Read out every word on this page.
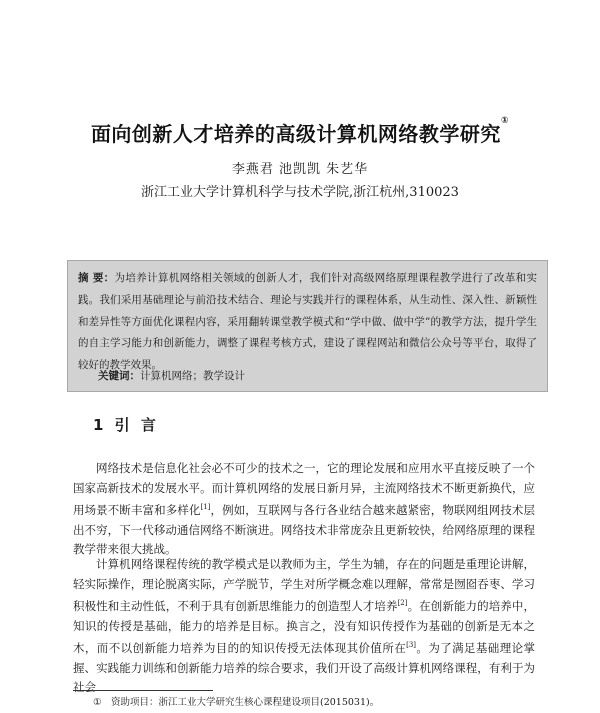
面向创新人才培养的高级计算机网络教学研究①
李燕君 池凯凯 朱艺华
浙江工业大学计算机科学与技术学院,浙江杭州,310023
摘 要：为培养计算机网络相关领域的创新人才，我们针对高级网络原理课程教学进行了改革和实践。我们采用基础理论与前沿技术结合、理论与实践并行的课程体系，从生动性、深入性、新颖性和差异性等方面优化课程内容，采用翻转课堂教学模式和“学中做、做中学”的教学方法，提升学生的自主学习能力和创新能力，调整了课程考核方式，建设了课程网站和微信公众号等平台，取得了较好的教学效果。
关键词：计算机网络；教学设计
1 引 言
网络技术是信息化社会必不可少的技术之一，它的理论发展和应用水平直接反映了一个国家高新技术的发展水平。而计算机网络的发展日新月异，主流网络技术不断更新换代，应用场景不断丰富和多样化[1]，例如，互联网与各行各业结合越来越紧密，物联网组网技术层出不穷，下一代移动通信网络不断演进。网络技术非常庞杂且更新较快，给网络原理的课程教学带来很大挑战。
计算机网络课程传统的教学模式是以教师为主，学生为辅，存在的问题是重理论讲解，轻实际操作，理论脱离实际，产学脱节，学生对所学概念难以理解，常常是囫囵吞枣、学习积极性和主动性低，不利于具有创新思维能力的创造型人才培养[2]。在创新能力的培养中，知识的传授是基础，能力的培养是目标。换言之，没有知识传授作为基础的创新是无本之木，而不以创新能力培养为目的的知识传授无法体现其价值所在[3]。为了满足基础理论掌握、实践能力训练和创新能力培养的综合要求，我们开设了高级计算机网络课程，有利于为社会
① 资助项目：浙江工业大学研究生核心课程建设项目(2015031)。
